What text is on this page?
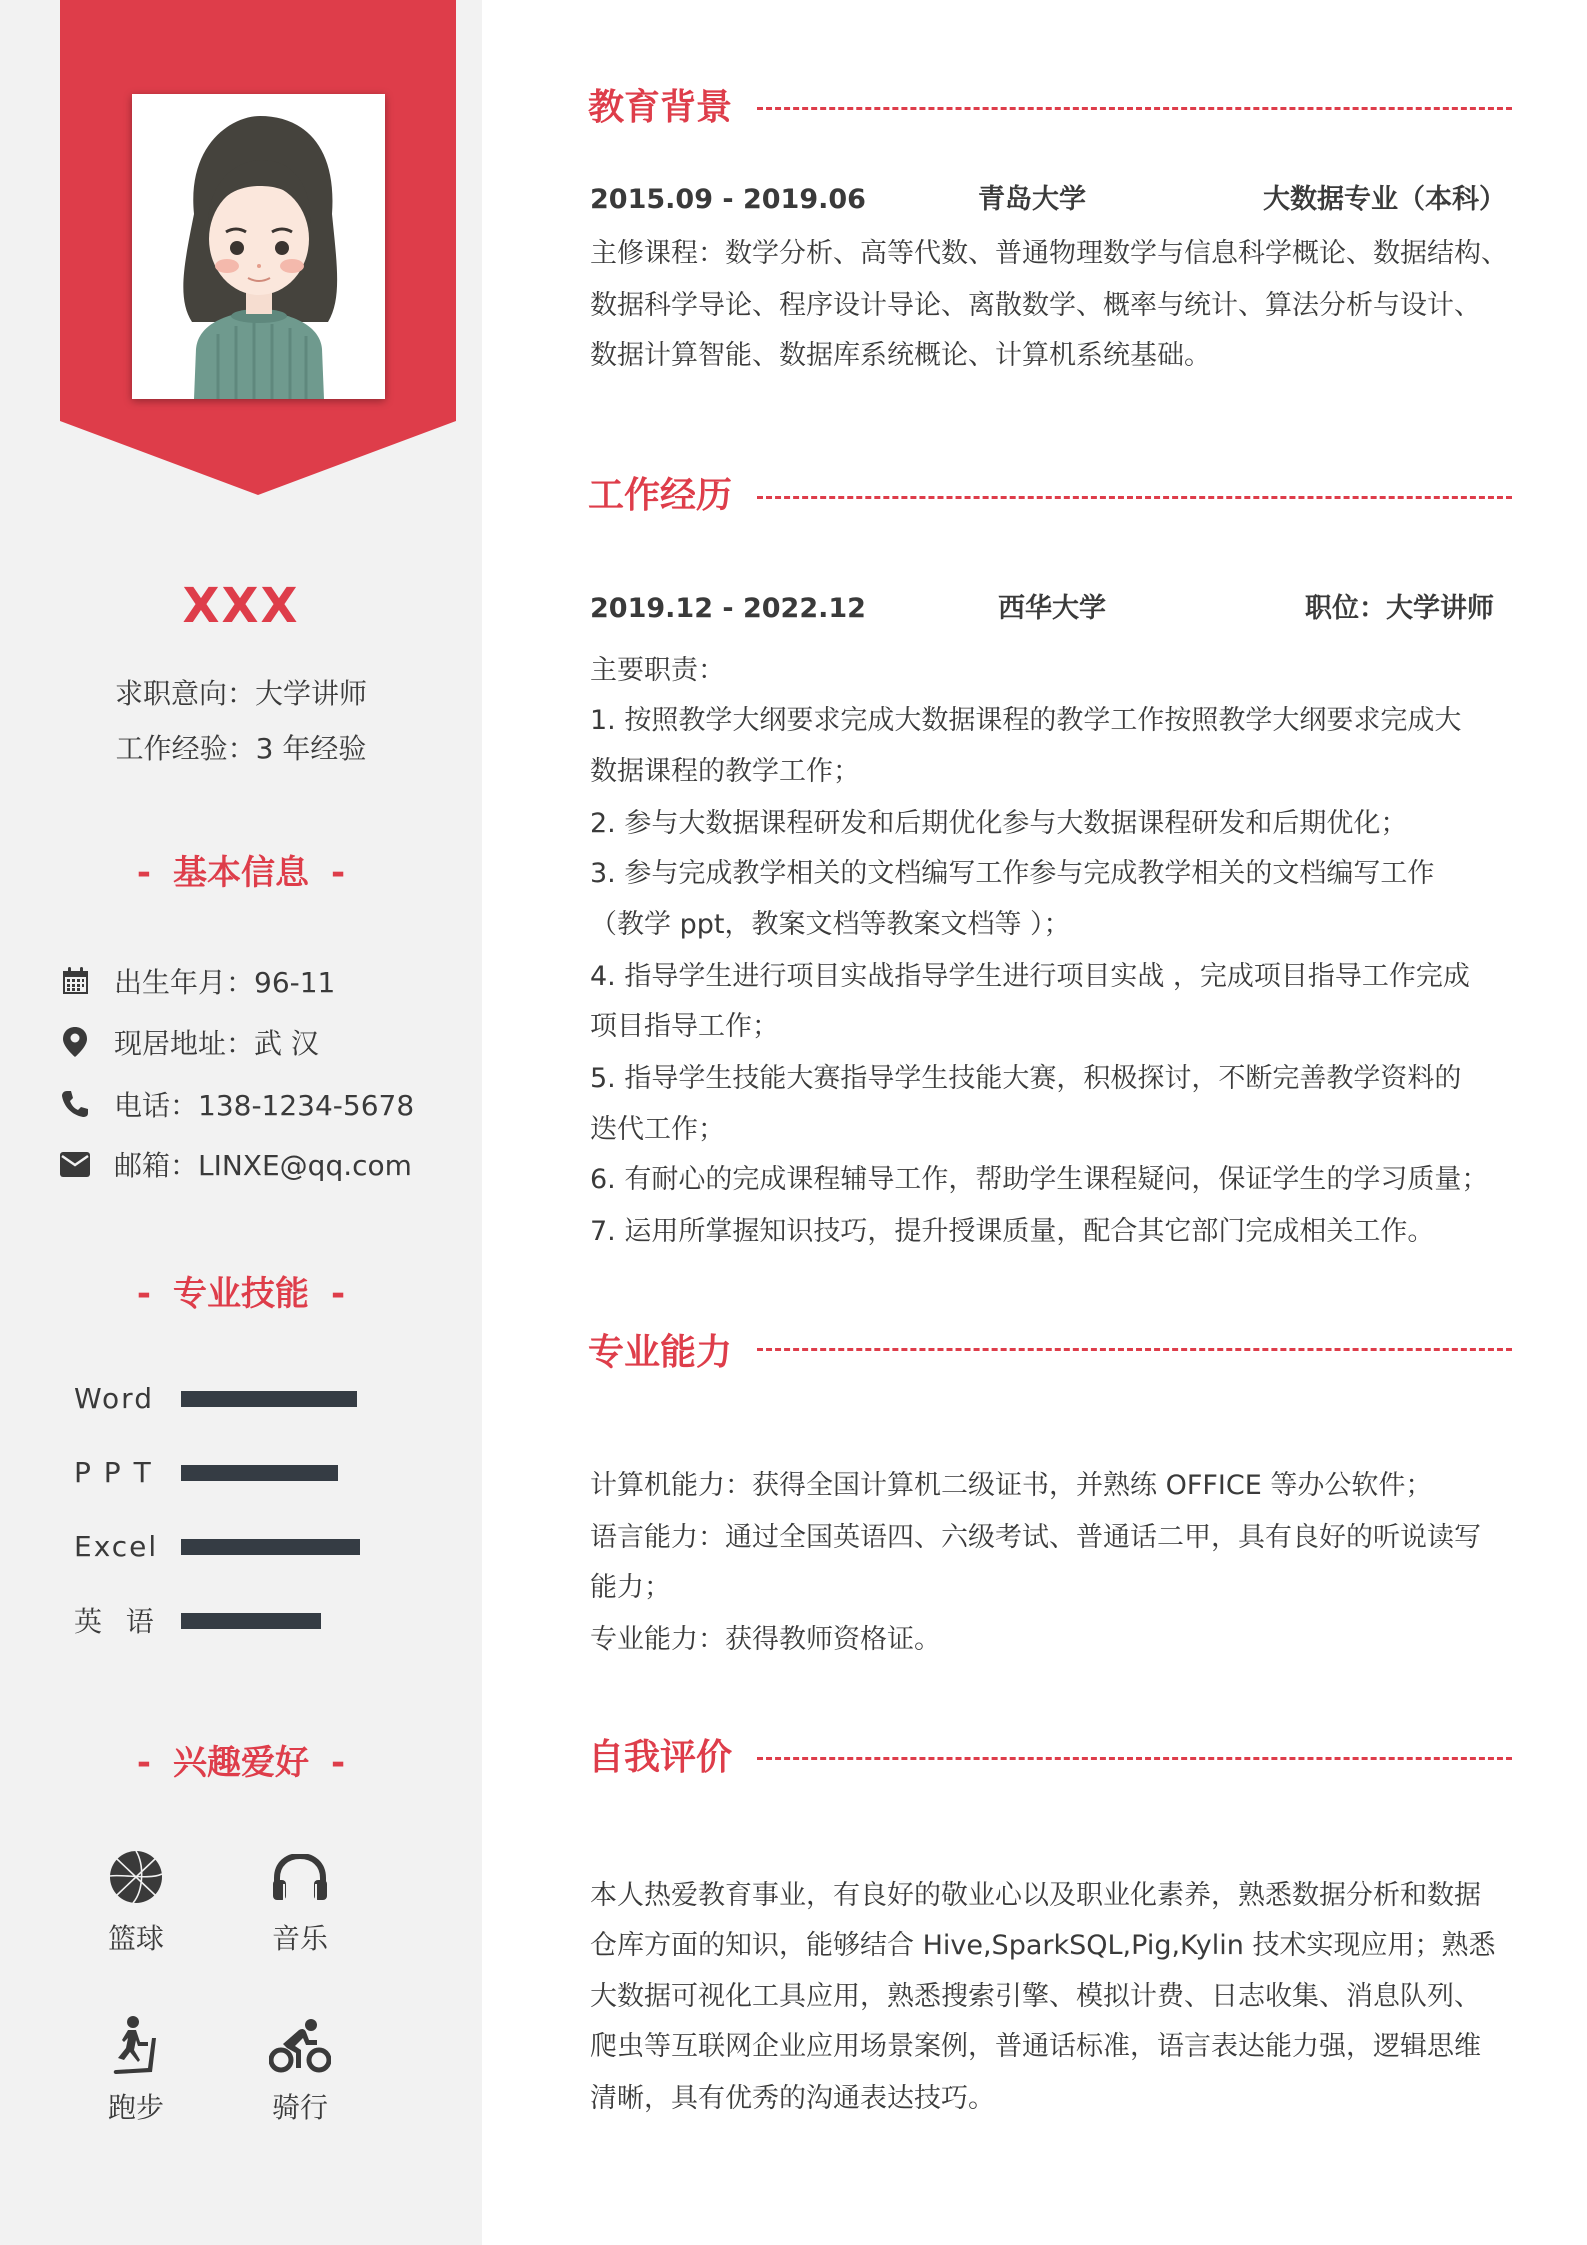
XXX
求职意向：大学讲师
工作经验：3 年经验
- 基本信息 -
出生年月：96-11
现居地址：武 汉
电话：138-1234-5678
邮箱：LINXE@qq.com
- 专业技能 -
Word
P P T
Excel
英  语
- 兴趣爱好 -
篮球	音乐
跑步	骑行
教育背景
2015.09 - 2019.06	青岛大学	大数据专业（本科）
主修课程：数学分析、高等代数、普通物理数学与信息科学概论、数据结构、
数据科学导论、程序设计导论、离散数学、概率与统计、算法分析与设计、
数据计算智能、数据库系统概论、计算机系统基础。
工作经历
2019.12 - 2022.12	西华大学	职位：大学讲师
主要职责：
1. 按照教学大纲要求完成大数据课程的教学工作按照教学大纲要求完成大
数据课程的教学工作；
2. 参与大数据课程研发和后期优化参与大数据课程研发和后期优化；
3. 参与完成教学相关的文档编写工作参与完成教学相关的文档编写工作
（教学 ppt，教案文档等教案文档等 ）；
4. 指导学生进行项目实战指导学生进行项目实战 ，完成项目指导工作完成
项目指导工作；
5. 指导学生技能大赛指导学生技能大赛，积极探讨，不断完善教学资料的
迭代工作；
6. 有耐心的完成课程辅导工作，帮助学生课程疑问，保证学生的学习质量；
7. 运用所掌握知识技巧，提升授课质量，配合其它部门完成相关工作。
专业能力
计算机能力：获得全国计算机二级证书，并熟练 OFFICE 等办公软件；
语言能力：通过全国英语四、六级考试、普通话二甲，具有良好的听说读写
能力；
专业能力：获得教师资格证。
自我评价
本人热爱教育事业，有良好的敬业心以及职业化素养，熟悉数据分析和数据
仓库方面的知识，能够结合 Hive,SparkSQL,Pig,Kylin 技术实现应用；熟悉
大数据可视化工具应用，熟悉搜索引擎、模拟计费、日志收集、消息队列、
爬虫等互联网企业应用场景案例，普通话标准，语言表达能力强，逻辑思维
清晰，具有优秀的沟通表达技巧。
